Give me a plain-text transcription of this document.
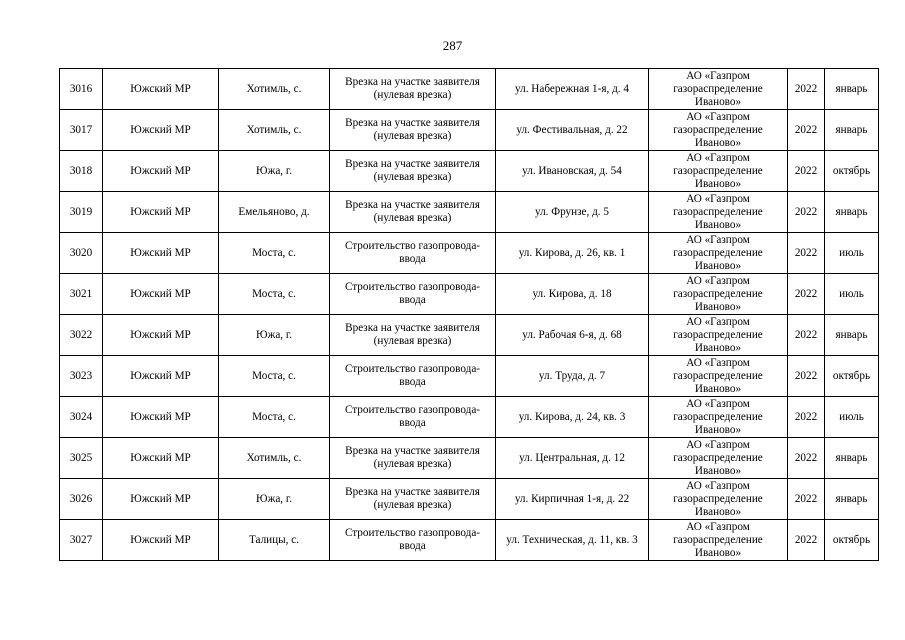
287
3016	Южский МР	Хотимль, с.	Врезка на участке заявителя (нулевая врезка)	ул. Набережная 1-я, д. 4	АО «Газпром газораспределение Иваново»	2022	январь
3017	Южский МР	Хотимль, с.	Врезка на участке заявителя (нулевая врезка)	ул. Фестивальная, д. 22	АО «Газпром газораспределение Иваново»	2022	январь
3018	Южский МР	Южа, г.	Врезка на участке заявителя (нулевая врезка)	ул. Ивановская, д. 54	АО «Газпром газораспределение Иваново»	2022	октябрь
3019	Южский МР	Емельяново, д.	Врезка на участке заявителя (нулевая врезка)	ул. Фрунзе, д. 5	АО «Газпром газораспределение Иваново»	2022	январь
3020	Южский МР	Моста, с.	Строительство газопровода-ввода	ул. Кирова, д. 26, кв. 1	АО «Газпром газораспределение Иваново»	2022	июль
3021	Южский МР	Моста, с.	Строительство газопровода-ввода	ул. Кирова, д. 18	АО «Газпром газораспределение Иваново»	2022	июль
3022	Южский МР	Южа, г.	Врезка на участке заявителя (нулевая врезка)	ул. Рабочая 6-я, д. 68	АО «Газпром газораспределение Иваново»	2022	январь
3023	Южский МР	Моста, с.	Строительство газопровода-ввода	ул. Труда, д. 7	АО «Газпром газораспределение Иваново»	2022	октябрь
3024	Южский МР	Моста, с.	Строительство газопровода-ввода	ул. Кирова, д. 24, кв. 3	АО «Газпром газораспределение Иваново»	2022	июль
3025	Южский МР	Хотимль, с.	Врезка на участке заявителя (нулевая врезка)	ул. Центральная, д. 12	АО «Газпром газораспределение Иваново»	2022	январь
3026	Южский МР	Южа, г.	Врезка на участке заявителя (нулевая врезка)	ул. Кирпичная 1-я, д. 22	АО «Газпром газораспределение Иваново»	2022	январь
3027	Южский МР	Талицы, с.	Строительство газопровода-ввода	ул. Техническая, д. 11, кв. 3	АО «Газпром газораспределение Иваново»	2022	октябрь
